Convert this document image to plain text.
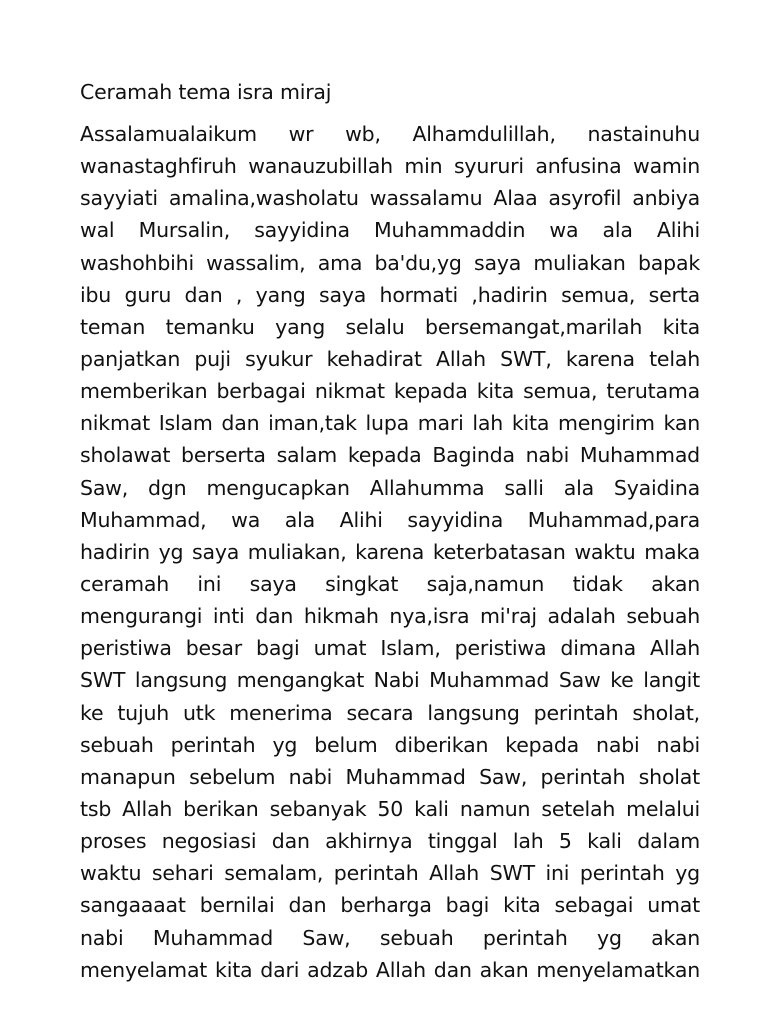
Ceramah tema isra miraj
Assalamualaikum wr wb, Alhamdulillah, nastainuhu
wanastaghfiruh wanauzubillah min syururi anfusina wamin
sayyiati amalina,washolatu wassalamu Alaa asyrofil anbiya
wal Mursalin, sayyidina Muhammaddin wa ala Alihi
washohbihi wassalim, ama ba'du,yg saya muliakan bapak
ibu guru dan , yang saya hormati ,hadirin semua, serta
teman temanku yang selalu bersemangat,marilah kita
panjatkan puji syukur kehadirat Allah SWT, karena telah
memberikan berbagai nikmat kepada kita semua, terutama
nikmat Islam dan iman,tak lupa mari lah kita mengirim kan
sholawat berserta salam kepada Baginda nabi Muhammad
Saw, dgn mengucapkan Allahumma salli ala Syaidina
Muhammad, wa ala Alihi sayyidina Muhammad,para
hadirin yg saya muliakan, karena keterbatasan waktu maka
ceramah ini saya singkat saja,namun tidak akan
mengurangi inti dan hikmah nya,isra mi'raj adalah sebuah
peristiwa besar bagi umat Islam, peristiwa dimana Allah
SWT langsung mengangkat Nabi Muhammad Saw ke langit
ke tujuh utk menerima secara langsung perintah sholat,
sebuah perintah yg belum diberikan kepada nabi nabi
manapun sebelum nabi Muhammad Saw, perintah sholat
tsb Allah berikan sebanyak 50 kali namun setelah melalui
proses negosiasi dan akhirnya tinggal lah 5 kali dalam
waktu sehari semalam, perintah Allah SWT ini perintah yg
sangaaaat bernilai dan berharga bagi kita sebagai umat
nabi Muhammad Saw, sebuah perintah yg akan
menyelamat kita dari adzab Allah dan akan menyelamatkan
